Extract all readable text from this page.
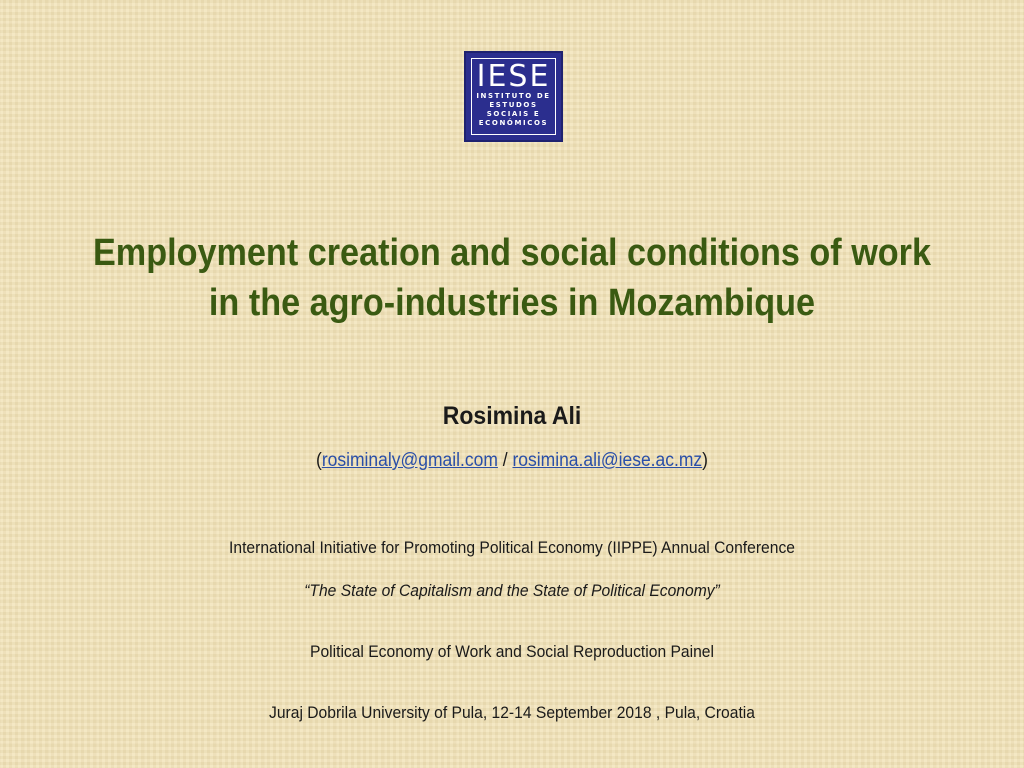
IESE
INSTITUTO DE
ESTUDOS
SOCIAIS E
ECONÓMICOS
Employment creation and social conditions of work
in the agro-industries in Mozambique
Rosimina Ali
(rosiminaly@gmail.com / rosimina.ali@iese.ac.mz)
International Initiative for Promoting Political Economy (IIPPE) Annual Conference
“The State of Capitalism and the State of Political Economy”
Political Economy of Work and Social Reproduction Painel
Juraj Dobrila University of Pula, 12-14 September 2018 , Pula, Croatia
